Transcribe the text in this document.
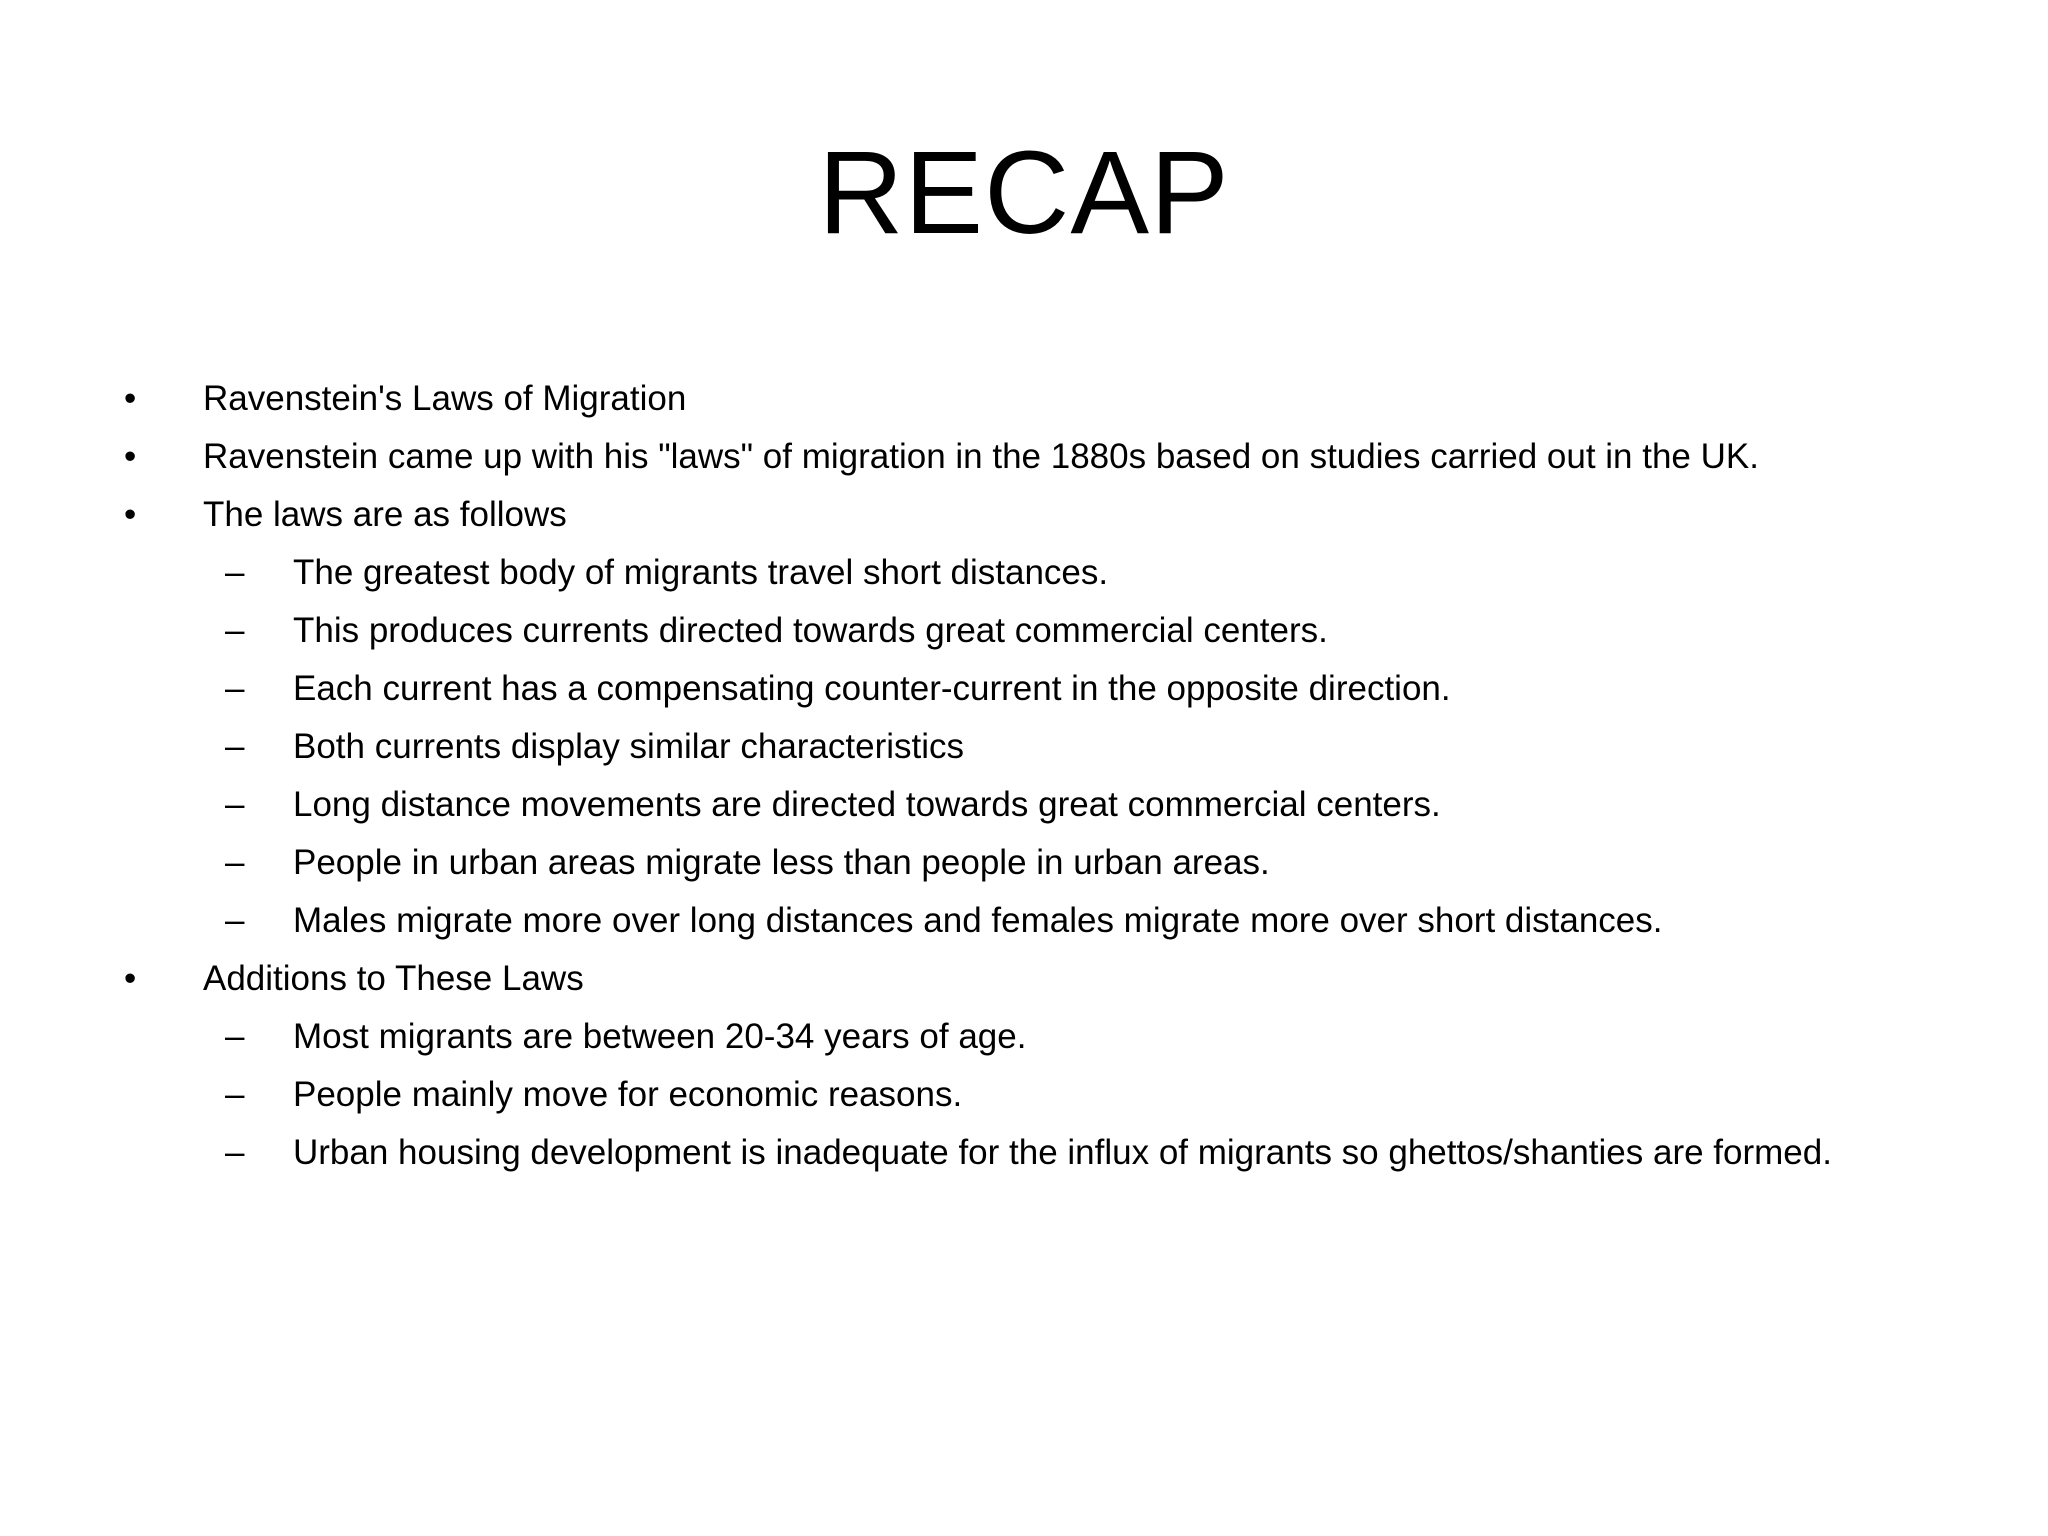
RECAP
• Ravenstein's Laws of Migration
• Ravenstein came up with his "laws" of migration in the 1880s based on studies carried out in the UK.
• The laws are as follows
– The greatest body of migrants travel short distances.
– This produces currents directed towards great commercial centers.
– Each current has a compensating counter-current in the opposite direction.
– Both currents display similar characteristics
– Long distance movements are directed towards great commercial centers.
– People in urban areas migrate less than people in urban areas.
– Males migrate more over long distances and females migrate more over short distances.
• Additions to These Laws
– Most migrants are between 20-34 years of age.
– People mainly move for economic reasons.
– Urban housing development is inadequate for the influx of migrants so ghettos/shanties are formed.
